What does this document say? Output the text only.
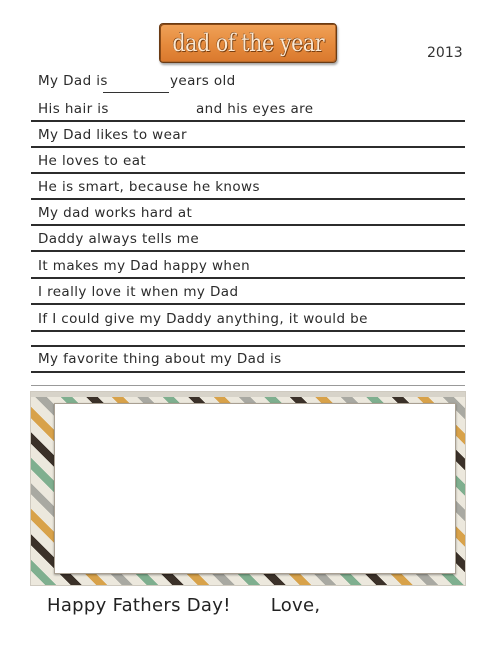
dad of the year	2013
My Dad is	years old
His hair is	and his eyes are
My Dad likes to wear
He loves to eat
He is smart, because he knows
My dad works hard at
Daddy always tells me
It makes my Dad happy when
I really love it when my Dad
If I could give my Daddy anything, it would be
My favorite thing about my Dad is
Happy Fathers Day! Love,
